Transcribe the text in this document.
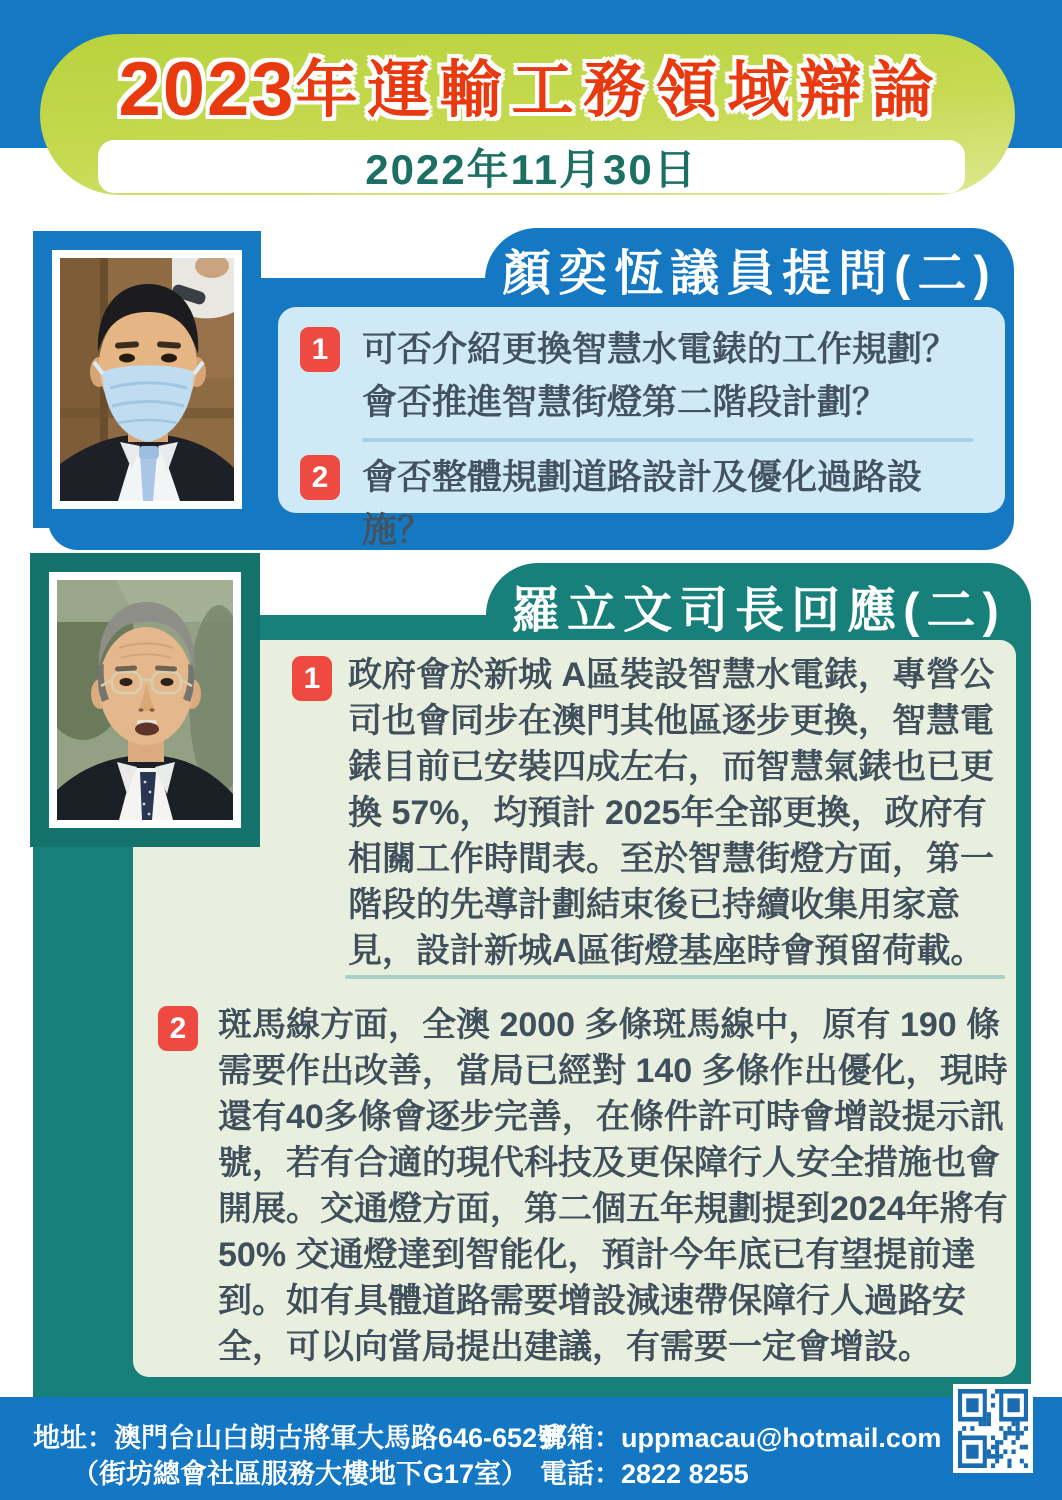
2023年運輸工務領域辯論
2022年11月30日
顏奕恆議員提問(二)
1 可否介紹更換智慧水電錶的工作規劃？會否推進智慧街燈第二階段計劃？
2 會否整體規劃道路設計及優化過路設施？
羅立文司長回應(二)
1 政府會於新城 A區裝設智慧水電錶，專營公司也會同步在澳門其他區逐步更換，智慧電錶目前已安裝四成左右，而智慧氣錶也已更換 57%，均預計 2025年全部更換，政府有相關工作時間表。至於智慧街燈方面，第一階段的先導計劃結束後已持續收集用家意見，設計新城A區街燈基座時會預留荷載。
2 斑馬線方面，全澳 2000 多條斑馬線中，原有 190 條需要作出改善，當局已經對 140 多條作出優化，現時還有40多條會逐步完善，在條件許可時會增設提示訊號，若有合適的現代科技及更保障行人安全措施也會開展。交通燈方面，第二個五年規劃提到2024年將有50% 交通燈達到智能化，預計今年底已有望提前達到。如有具體道路需要增設減速帶保障行人過路安全，可以向當局提出建議，有需要一定會增設。
地址：澳門台山白朗古將軍大馬路646-652號
（街坊總會社區服務大樓地下G17室）
郵箱：uppmacau@hotmail.com
電話：2822 8255
